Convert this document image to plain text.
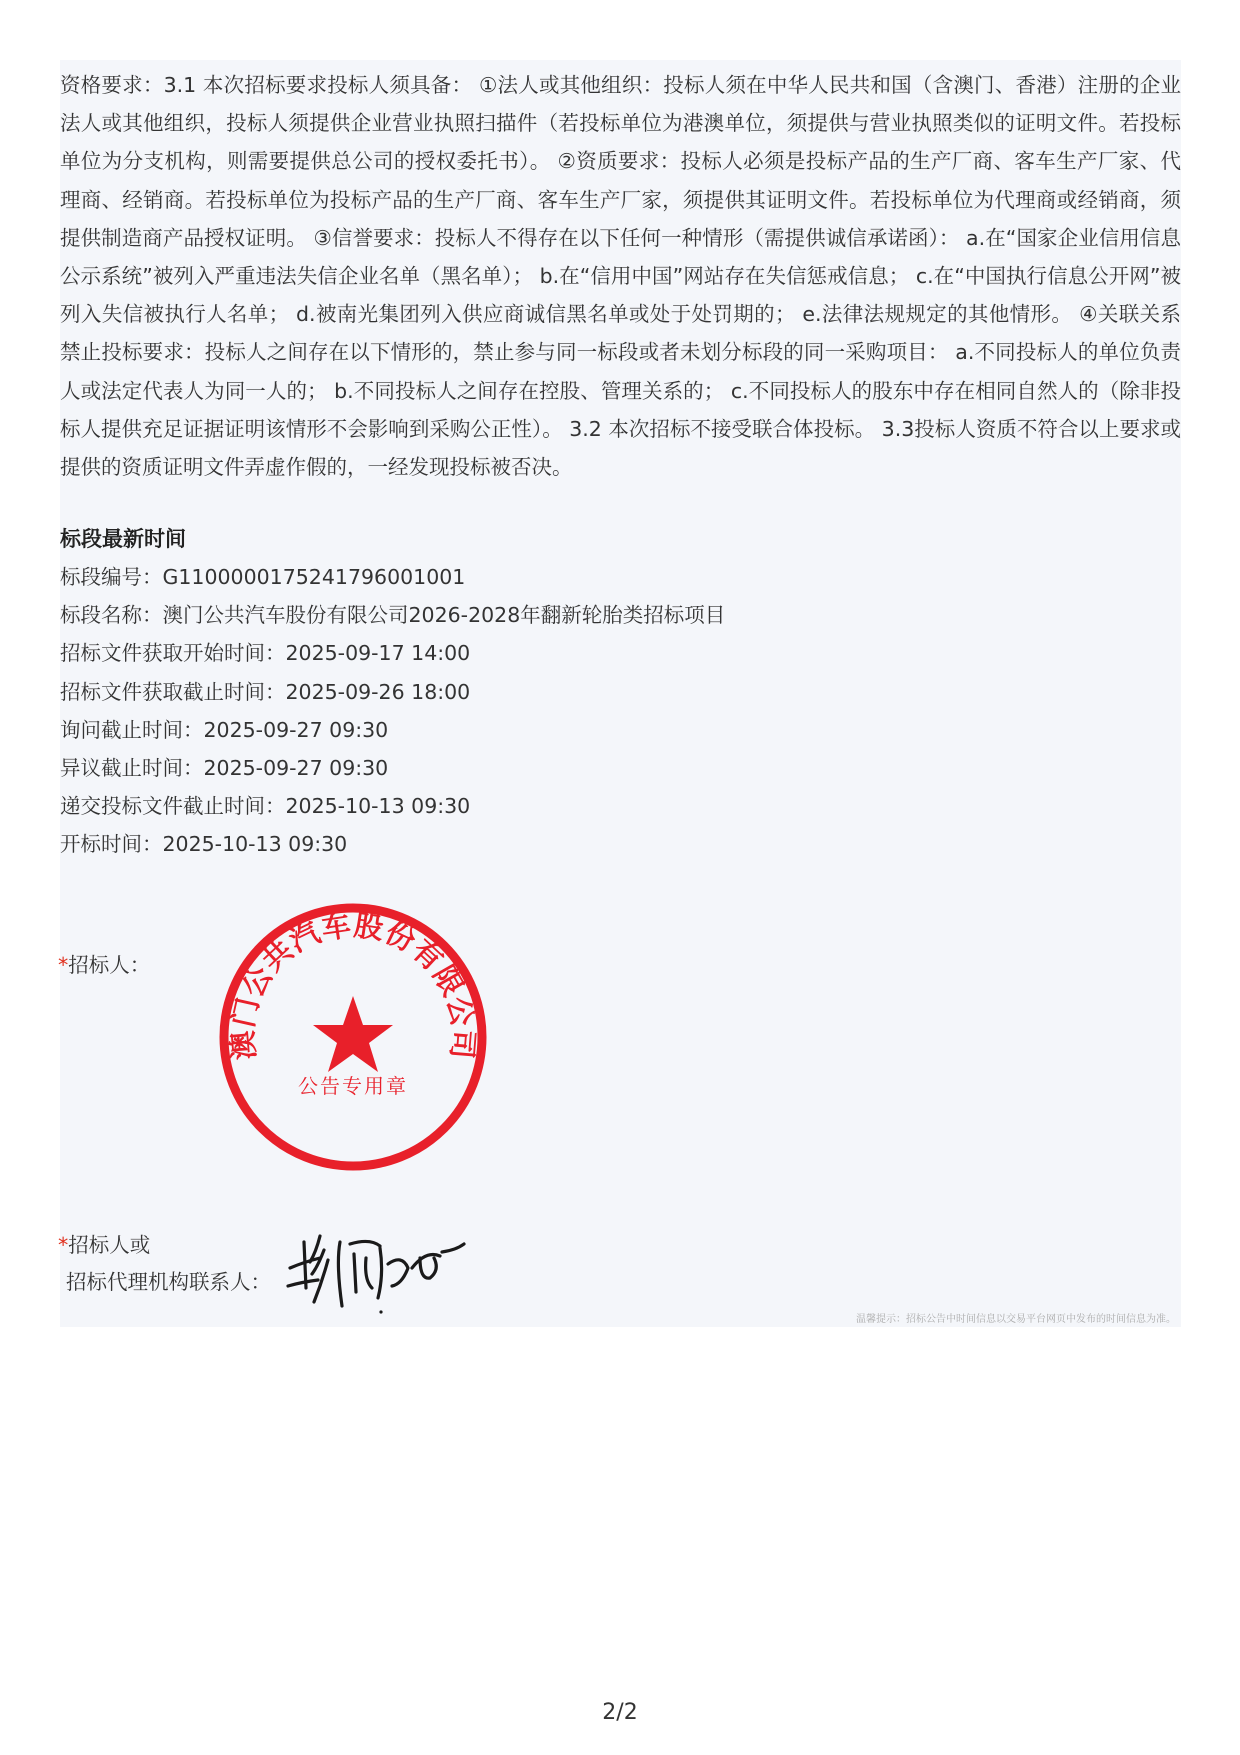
资格要求：3.1 本次招标要求投标人须具备： ①法人或其他组织：投标人须在中华人民共和国（含澳门、香港）注册的企业法人或其他组织，投标人须提供企业营业执照扫描件（若投标单位为港澳单位，须提供与营业执照类似的证明文件。若投标单位为分支机构，则需要提供总公司的授权委托书）。 ②资质要求：投标人必须是投标产品的生产厂商、客车生产厂家、代理商、经销商。若投标单位为投标产品的生产厂商、客车生产厂家，须提供其证明文件。若投标单位为代理商或经销商，须提供制造商产品授权证明。 ③信誉要求：投标人不得存在以下任何一种情形（需提供诚信承诺函）： a.在“国家企业信用信息公示系统”被列入严重违法失信企业名单（黑名单）； b.在“信用中国”网站存在失信惩戒信息； c.在“中国执行信息公开网”被列入失信被执行人名单； d.被南光集团列入供应商诚信黑名单或处于处罚期的； e.法律法规规定的其他情形。 ④关联关系禁止投标要求：投标人之间存在以下情形的，禁止参与同一标段或者未划分标段的同一采购项目： a.不同投标人的单位负责人或法定代表人为同一人的； b.不同投标人之间存在控股、管理关系的； c.不同投标人的股东中存在相同自然人的（除非投标人提供充足证据证明该情形不会影响到采购公正性）。 3.2 本次招标不接受联合体投标。 3.3投标人资质不符合以上要求或提供的资质证明文件弄虚作假的，一经发现投标被否决。

标段最新时间
标段编号：G1100000175241796001001
标段名称：澳门公共汽车股份有限公司2026-2028年翻新轮胎类招标项目
招标文件获取开始时间：2025-09-17 14:00
招标文件获取截止时间：2025-09-26 18:00
询问截止时间：2025-09-27 09:30
异议截止时间：2025-09-27 09:30
递交投标文件截止时间：2025-10-13 09:30
开标时间：2025-10-13 09:30
*招标人：
澳门公共汽车股份有限公司
公告专用章
*招标人或
招标代理机构联系人：
温馨提示：招标公告中时间信息以交易平台网页中发布的时间信息为准。
2/2
